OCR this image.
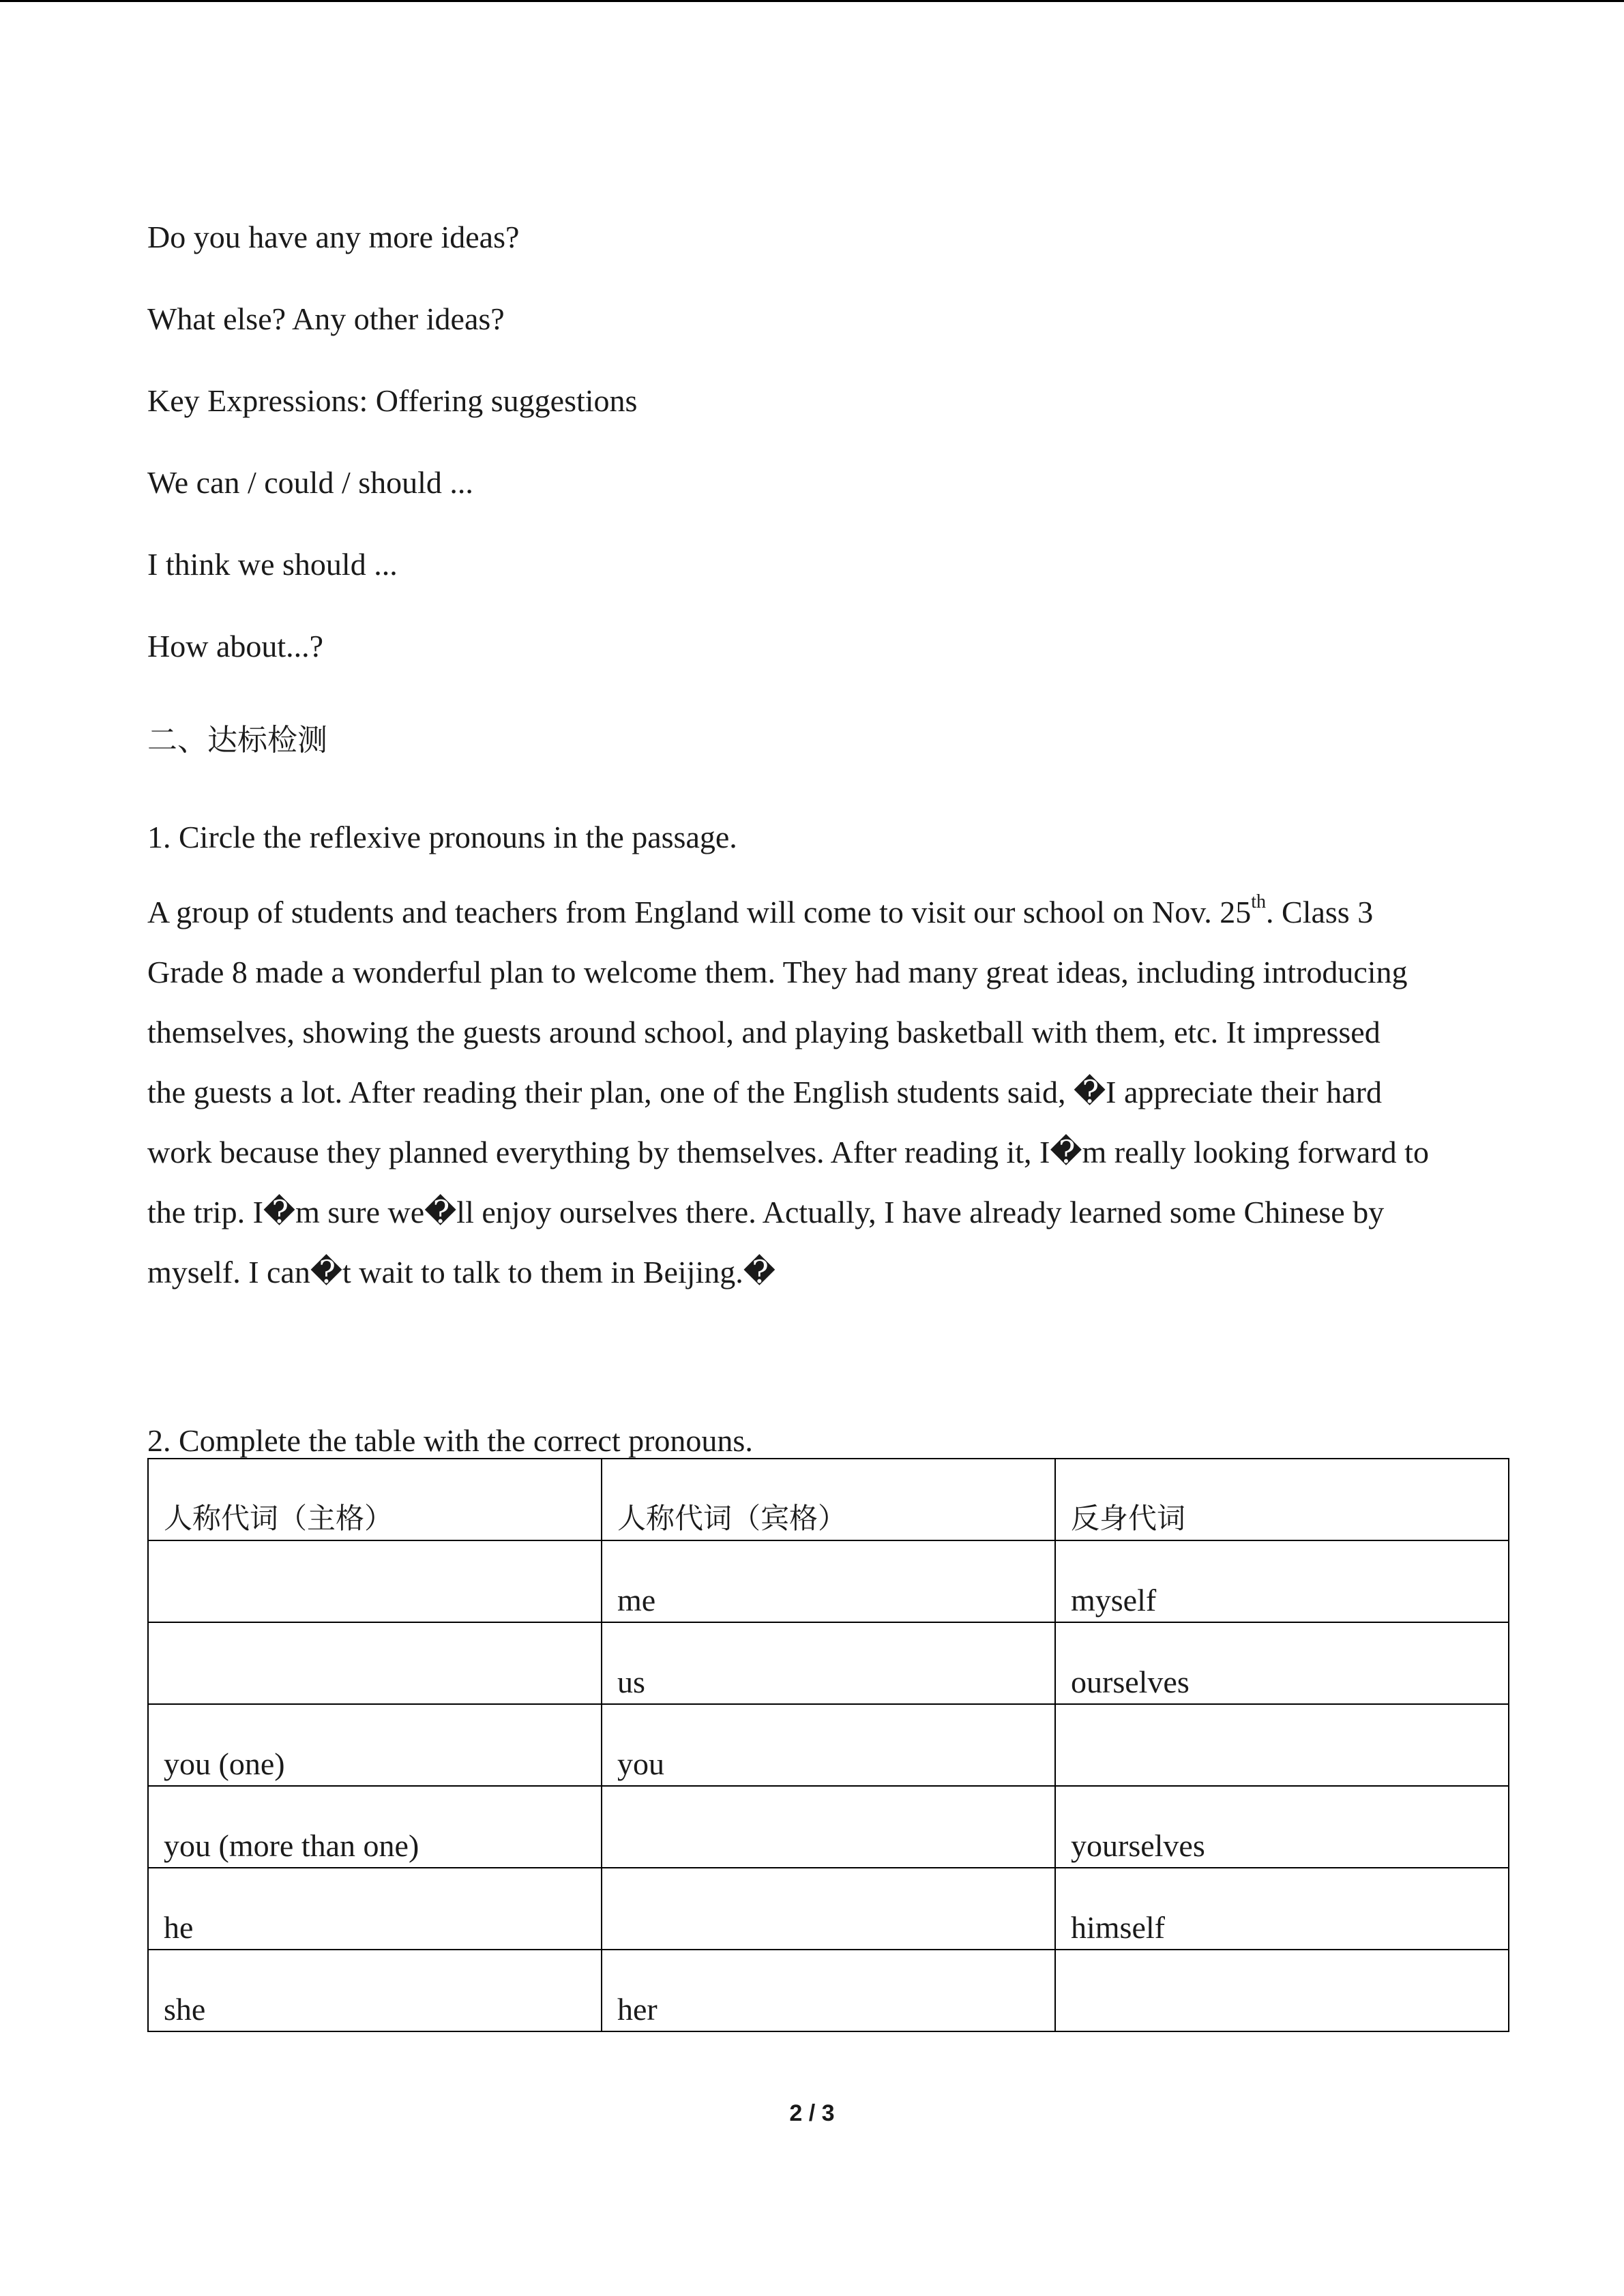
Do you have any more ideas?
What else? Any other ideas?
Key Expressions: Offering suggestions
We can / could / should ...
I think we should ...
How about...?
二、达标检测
1. Circle the reflexive pronouns in the passage.
A group of students and teachers from England will come to visit our school on Nov. 25th. Class 3
Grade 8 made a wonderful plan to welcome them. They had many great ideas, including introducing
themselves, showing the guests around school, and playing basketball with them, etc. It impressed
the guests a lot. After reading their plan, one of the English students said, �I appreciate their hard
work because they planned everything by themselves. After reading it, I�m really looking forward to
the trip. I�m sure we�ll enjoy ourselves there. Actually, I have already learned some Chinese by
myself. I can�t wait to talk to them in Beijing.�
2. Complete the table with the correct pronouns.
人称代词（主格）	人称代词（宾格）	反身代词

	me	myself

	us	ourselves

you (one)	you	

you (more than one)		yourselves

he		himself

she	her	

2 / 3
